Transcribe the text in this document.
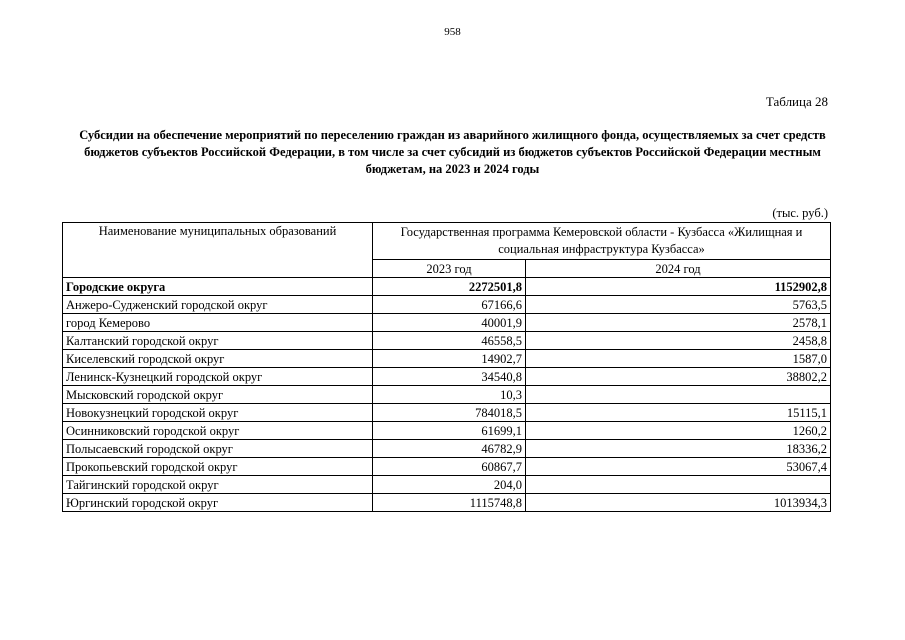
958
Таблица 28
Субсидии на обеспечение мероприятий по переселению граждан из аварийного жилищного фонда, осуществляемых за счет средств бюджетов субъектов Российской Федерации, в том числе за счет субсидий из бюджетов субъектов Российской Федерации местным бюджетам, на 2023 и 2024 годы
(тыс. руб.)
Наименование муниципальных образований	Государственная программа Кемеровской области - Кузбасса «Жилищная и социальная инфраструктура Кузбасса»	
	2023 год	2024 год
Городские округа	2272501,8	1152902,8
Анжеро-Судженский городской округ	67166,6	5763,5
город Кемерово	40001,9	2578,1
Калтанский городской округ	46558,5	2458,8
Киселевский городской округ	14902,7	1587,0
Ленинск-Кузнецкий городской округ	34540,8	38802,2
Мысковский городской округ	10,3	
Новокузнецкий городской округ	784018,5	15115,1
Осинниковский городской округ	61699,1	1260,2
Полысаевский городской округ	46782,9	18336,2
Прокопьевский городской округ	60867,7	53067,4
Тайгинский городской округ	204,0	
Юргинский городской округ	1115748,8	1013934,3
